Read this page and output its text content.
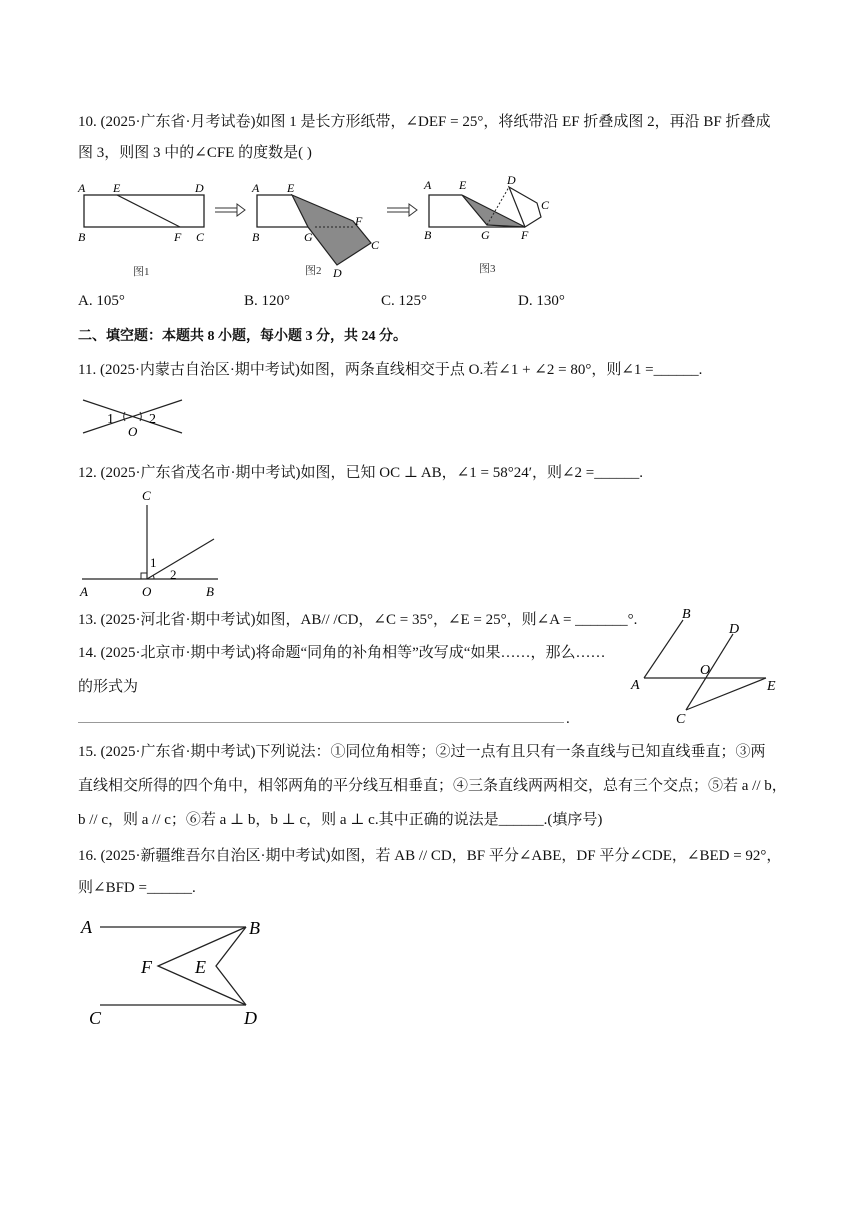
10. (2025·广东省·月考试卷)如图 1 是长方形纸带，∠DEF = 25°，将纸带沿 EF 折叠成图 2，再沿 BF 折叠成
图 3，则图 3 中的∠CFE 的度数是( )
A E	D
B	F C
图1
A E
F
B	G
C
D
图2
A E	D
C
B	G	F
图3
A. 105°	B. 120°	C. 125°	D. 130°
二、填空题：本题共 8 小题，每小题 3 分，共 24 分。
11. (2025·内蒙古自治区·期中考试)如图，两条直线相交于点 O.若∠1 + ∠2 = 80°，则∠1 =______.
1	2
O
12. (2025·广东省茂名市·期中考试)如图，已知 OC ⊥ AB，∠1 = 58°24′，则∠2 =______.
C
1
2
A	O	B
13. (2025·河北省·期中考试)如图，AB// /CD，∠C = 35°，∠E = 25°，则∠A = _______°.
14. (2025·北京市·期中考试)将命题“同角的补角相等”改写成“如果……，那么……
的形式为
.
B
D
O
A	E
C
15. (2025·广东省·期中考试)下列说法：①同位角相等；②过一点有且只有一条直线与已知直线垂直；③两
直线相交所得的四个角中，相邻两角的平分线互相垂直；④三条直线两两相交，总有三个交点；⑤若 a // b，
b // c，则 a // c；⑥若 a ⊥ b，b ⊥ c，则 a ⊥ c.其中正确的说法是______.(填序号)
16. (2025·新疆维吾尔自治区·期中考试)如图，若 AB // CD，BF 平分∠ABE，DF 平分∠CDE，∠BED = 92°，
则∠BFD =______.
A	B
F E
C	D
